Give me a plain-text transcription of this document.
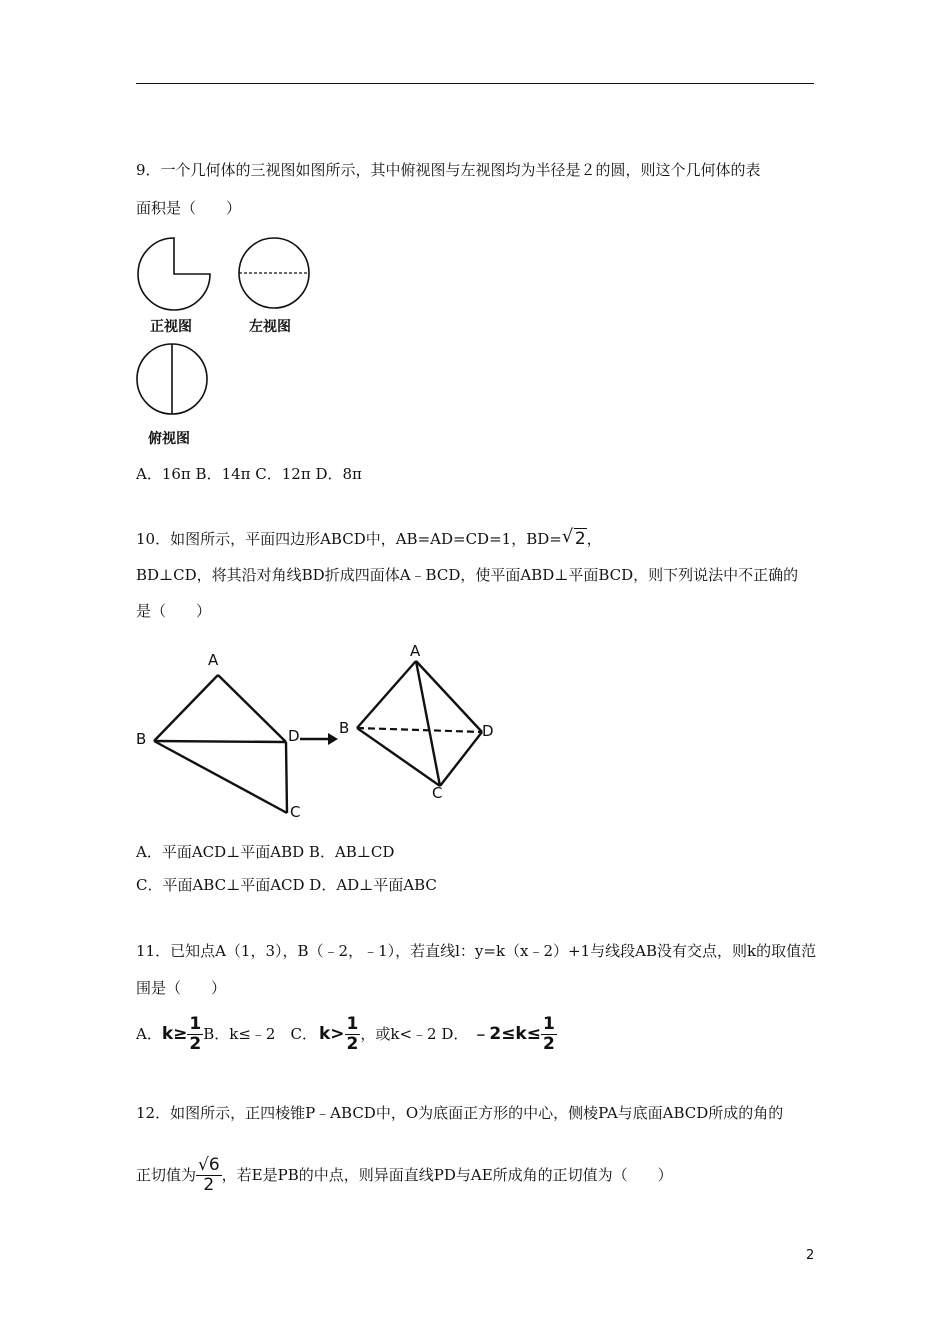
9．一个几何体的三视图如图所示，其中俯视图与左视图均为半径是２的圆，则这个几何体的表
面积是（　　）
正视图	左视图
俯视图
A．16π B．14π C．12π D．8π
10．如图所示，平面四边形ABCD中，AB=AD=CD=1，BD= √ 2，
BD⊥CD，将其沿对角线BD折成四面体A﹣BCD，使平面ABD⊥平面BCD，则下列说法中不正确的
是（　　）
A
B	D
C
A
B	D
C
A．平面ACD⊥平面ABD B．AB⊥CD
C．平面ABC⊥平面ACD D．AD⊥平面ABC
11．已知点A（1，3），B（﹣2，﹣1），若直线l：y=k（x﹣2）+1与线段AB没有交点，则k的取值范
围是（　　）
A． $k\ge \frac{1}{2}$ B．k≤﹣2　C． $k> \frac{1}{2}$ ，或k<﹣2 D． ﹣2≤k≤ $\frac{1}{2}$
12．如图所示，正四棱锥P﹣ABCD中，O为底面正方形的中心，侧棱PA与底面ABCD所成的角的
正切值为 $\frac{√6}{2}$ ，若E是PB的中点，则异面直线PD与AE所成角的正切值为（　　）
2
